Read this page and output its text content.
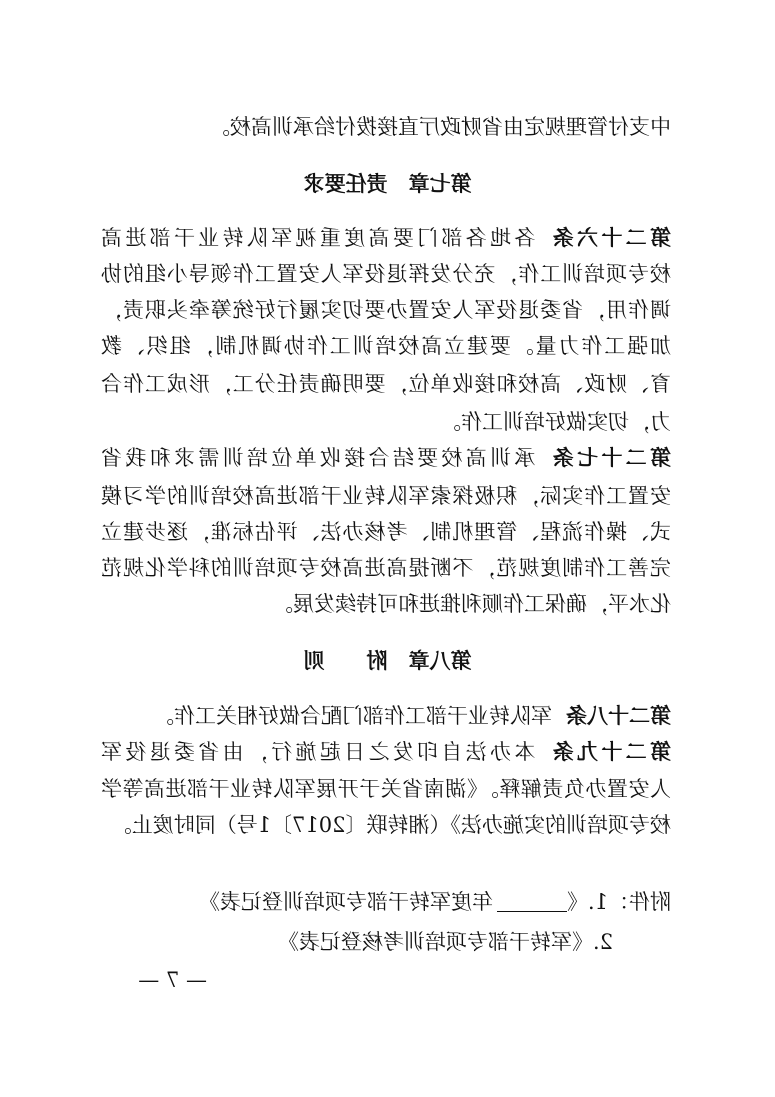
中支付管理规定由省财政厅直接拨付给承训高校。
第七章　责任要求
第二十六条各地各部门要高度重视军队转业干部进高
校专项培训工作，充分发挥退役军人安置工作领导小组的协
调作用，省委退役军人安置办要切实履行好统筹牵头职责，
加强工作力量。要建立高校培训工作协调机制，组织、教
育、财政、高校和接收单位，要明确责任分工，形成工作合
力，切实做好培训工作。
第二十七条承训高校要结合接收单位培训需求和我省
安置工作实际，积极探索军队转业干部进高校培训的学习模
式、操作流程、管理机制、考核办法、评估标准，逐步建立
完善工作制度规范，不断提高进高校专项培训的科学化规范
化水平，确保工作顺利推进和可持续发展。
第八章　附　　则
第二十八条军队转业干部工作部门配合做好相关工作。
第二十九条本办法自印发之日起施行，由省委退役军
人安置办负责解释。《湖南省关于开展军队转业干部进高等学
校专项培训的实施办法》（湘转联〔2017〕1号）同时废止。
附件：1.《年度军转干部专项培训登记表》
2.《军转干部专项培训考核登记表》
— 7 —
